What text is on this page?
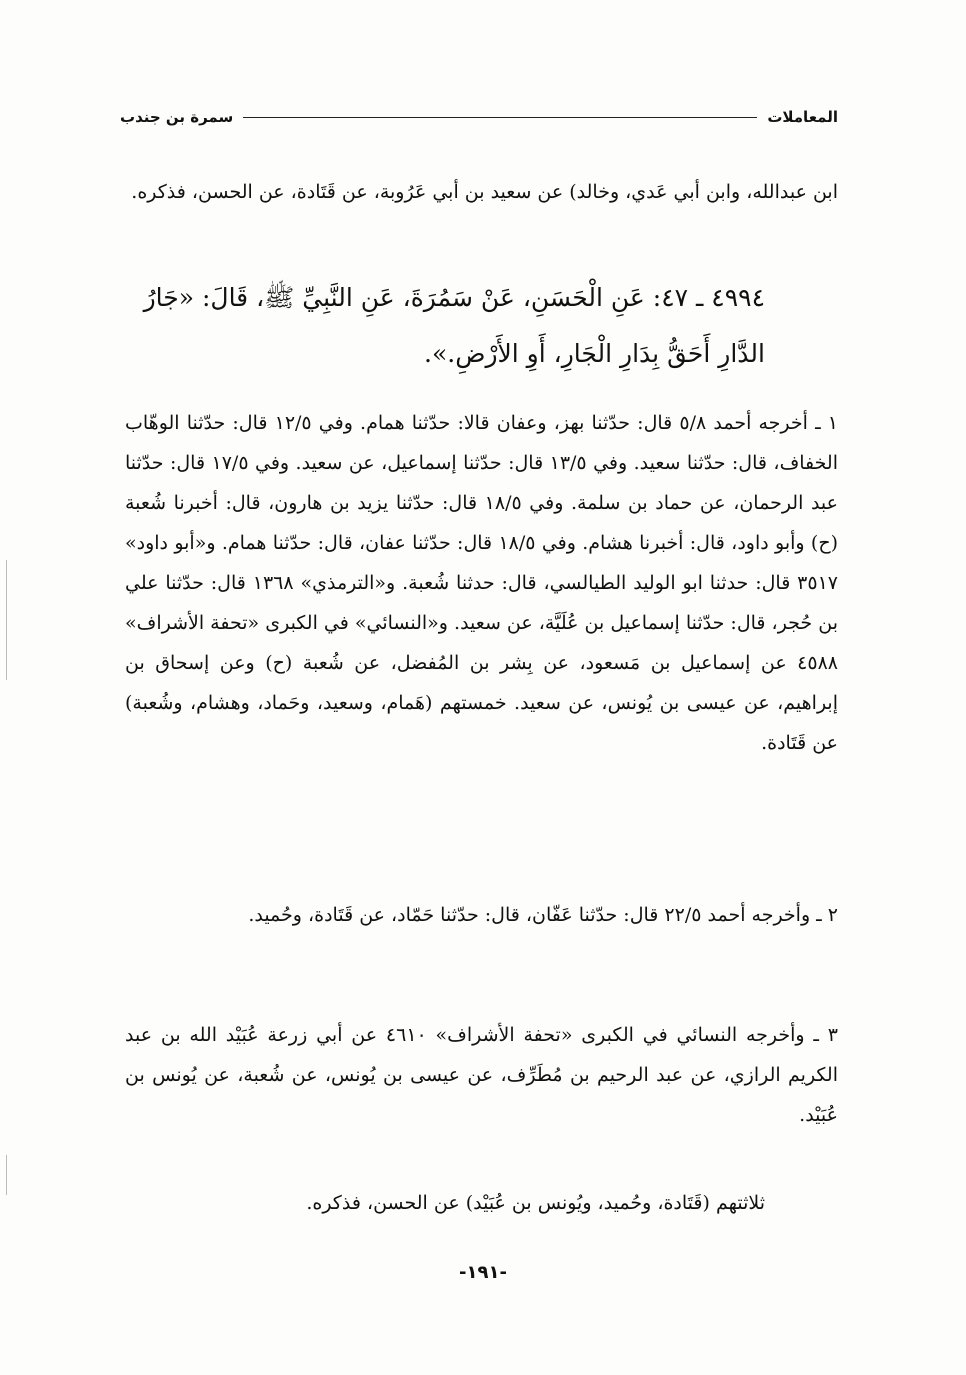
المعاملات
سمرة بن جندب
ابن عبدالله، وابن أبي عَدي، وخالد) عن سعيد بن أبي عَرُوبة، عن قَتَادة، عن الحسن، فذكره.
٤٩٩٤ ـ ٤٧: عَنِ الْحَسَنِ، عَنْ سَمُرَةَ، عَنِ النَّبِيِّ ﷺ، قَالَ: «جَارُ الدَّارِ أَحَقُّ بِدَارِ الْجَارِ، أَوِ الأَرْضِ.».
١ ـ أخرجه أحمد ٥/٨ قال: حدّثنا بهز، وعفان قالا: حدّثنا همام. وفي ١٢/٥ قال: حدّثنا الوهّاب الخفاف، قال: حدّثنا سعيد. وفي ١٣/٥ قال: حدّثنا إسماعيل، عن سعيد. وفي ١٧/٥ قال: حدّثنا عبد الرحمان، عن حماد بن سلمة. وفي ١٨/٥ قال: حدّثنا يزيد بن هارون، قال: أخبرنا شُعبة (ح) وأبو داود، قال: أخبرنا هشام. وفي ١٨/٥ قال: حدّثنا عفان، قال: حدّثنا همام. و«أبو داود» ٣٥١٧ قال: حدثنا ابو الوليد الطيالسي، قال: حدثنا شُعبة. و«الترمذي» ١٣٦٨ قال: حدّثنا علي بن حُجر، قال: حدّثنا إسماعيل بن عُلَيَّة، عن سعيد. و«النسائي» في الكبرى «تحفة الأشراف» ٤٥٨٨ عن إسماعيل بن مَسعود، عن بِشر بن المُفضل، عن شُعبة (ح) وعن إسحاق بن إبراهيم، عن عيسى بن يُونس، عن سعيد. خمستهم (هَمام، وسعيد، وحَماد، وهشام، وشُعبة) عن قَتَادة.
٢ ـ وأخرجه أحمد ٢٢/٥ قال: حدّثنا عَفّان، قال: حدّثنا حَمّاد، عن قَتَادة، وحُميد.
٣ ـ وأخرجه النسائي في الكبرى «تحفة الأشراف» ٤٦١٠ عن أبي زرعة عُبَيْد الله بن عبد الكريم الرازي، عن عبد الرحيم بن مُطَرِّف، عن عيسى بن يُونس، عن شُعبة، عن يُونس بن عُبَيْد.
ثلاثتهم (قَتَادة، وحُميد، ويُونس بن عُبَيْد) عن الحسن، فذكره.
-١٩١-
